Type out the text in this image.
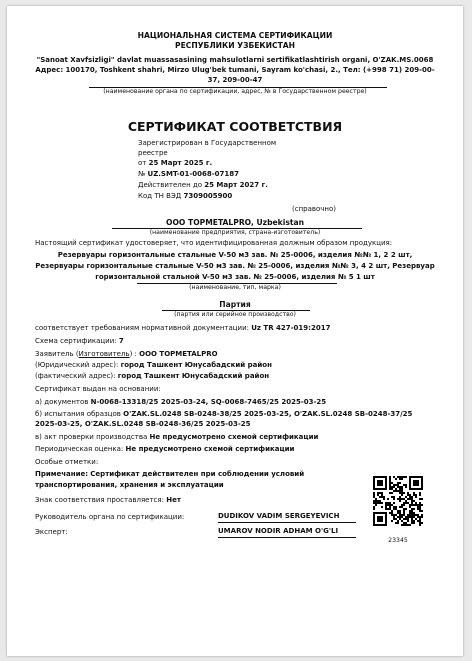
НАЦИОНАЛЬНАЯ СИСТЕМА СЕРТИФИКАЦИИ
РЕСПУБЛИКИ УЗБЕКИСТАН
"Sanoat Xavfsizligi" davlat muassasasining mahsulotlarni sertifikatlashtirish organi, O'ZAK.MS.0068
Адрес: 100170, Toshkent shahri, Mirzo Ulug'bek tumani, Sayram ko'chasi, 2., Тел: (+998 71) 209-00-
37, 209-00-47
(наименование органа по сертификации, адрес, № в Государственном реестре)
СЕРТИФИКАТ СООТВЕТСТВИЯ
Зарегистрирован в Государственном
реестре
от 25 Март 2025 г.
№ UZ.SMT-01-0068-07187
Действителен до 25 Март 2027 г.
Код ТН ВЭД 7309005900
(справочно)
ООО TOPMETALPRO, Uzbekistan
(наименование предприятия, страна-изготовитель)
Настоящий сертификат удостоверяет, что идентифицированная должным образом продукция:
Резервуары горизонтальные стальные V-50 м3 зав. № 25-0006, изделия №№ 1, 2 2 шт,
Резервуары горизонтальные стальные V-50 м3 зав. № 25-0006, изделия №№ 3, 4 2 шт, Резервуар
горизонтальной стальной V-50 м3 зав. № 25-0006, изделия № 5 1 шт
(наименование, тип, марка)
Партия
(партия или серийное производство)
соответствует требованиям нормативной документации: Uz TR 427-019:2017
Схема сертификации: 7
Заявитель (Изготовитель) : ООО TOPMETALPRO
(Юридический адрес): город Ташкент Юнусабадский район
(фактический адрес): город Ташкент Юнусабадский район
Сертификат выдан на основании:
а) документов N-0068-13318/25 2025-03-24, SQ-0068-7465/25 2025-03-25
б) испытания образцов O'ZAK.SL.0248 SB-0248-38/25 2025-03-25, O'ZAK.SL.0248 SB-0248-37/25
2025-03-25, O'ZAK.SL.0248 SB-0248-36/25 2025-03-25
в) акт проверки производства Не предусмотрено схемой сертификации
Периодическая оценка: Не предусмотрено схемой сертификации
Особые отметки:
Примечание: Сертификат действителен при соблюдении условий
транспортирования, хранения и эксплуатации
Знак соответствия проставляется: Нет
Руководитель органа по сертификации:	DUDIKOV VADIM SERGEYEVICH
Эксперт:	UMAROV NODIR ADHAM O'G'LI
23345
